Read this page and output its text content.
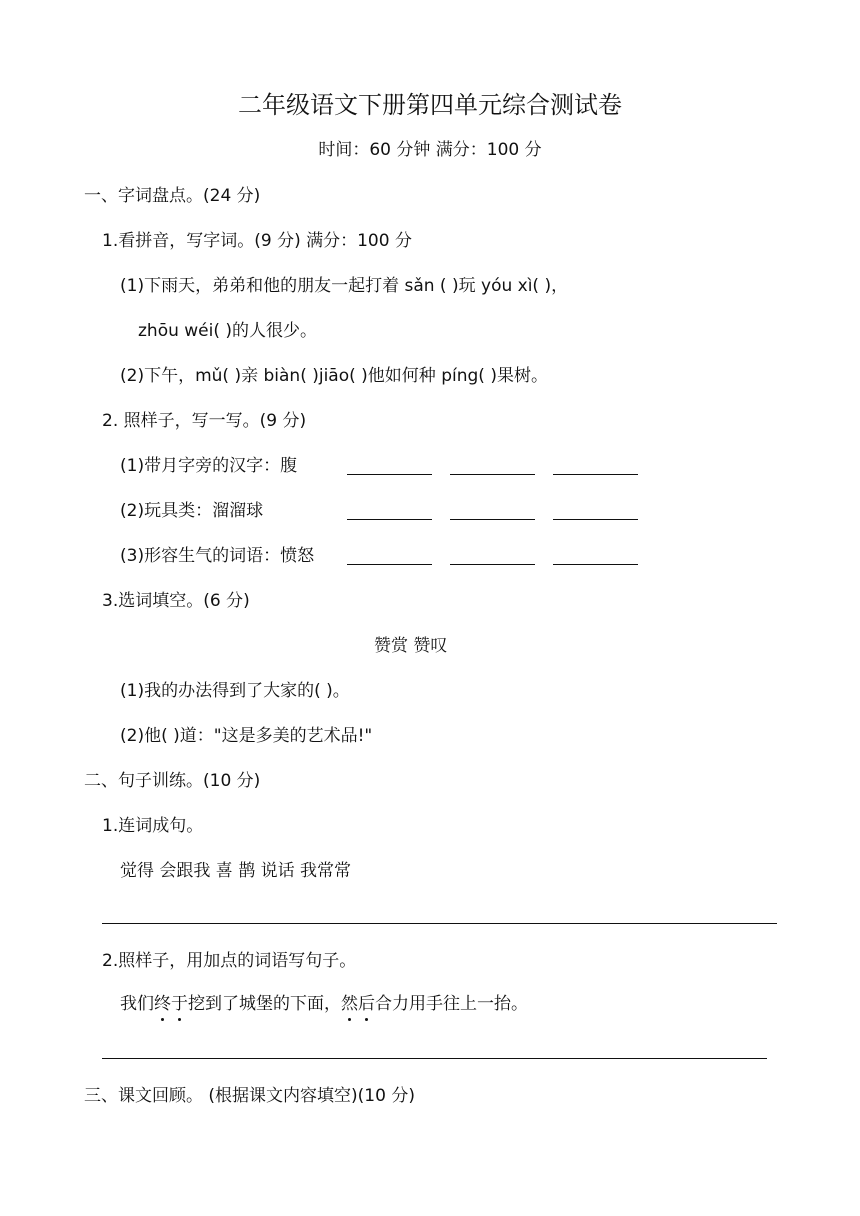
二年级语文下册第四单元综合测试卷
时间：60 分钟 满分：100 分
一、字词盘点。(24 分)
1.看拼音，写字词。(9 分) 满分：100 分
(1)下雨天，弟弟和他的朋友一起打着 sǎn ( )玩 yóu xì( )，
zhōu wéi( )的人很少。
(2)下午，mǔ( )亲 biàn( )jiāo( )他如何种 píng( )果树。
2. 照样子，写一写。(9 分)
(1)带月字旁的汉字：腹
(2)玩具类：溜溜球
(3)形容生气的词语：愤怒
3.选词填空。(6 分)
赞赏 赞叹
(1)我的办法得到了大家的( )。
(2)他( )道："这是多美的艺术品!"
二、句子训练。(10 分)
1.连词成句。
觉得 会跟我 喜 鹊 说话 我常常
2.照样子，用加点的词语写句子。
我们终于挖到了城堡的下面，然后合力用手往上一抬。
三、课文回顾。 (根据课文内容填空)(10 分)
